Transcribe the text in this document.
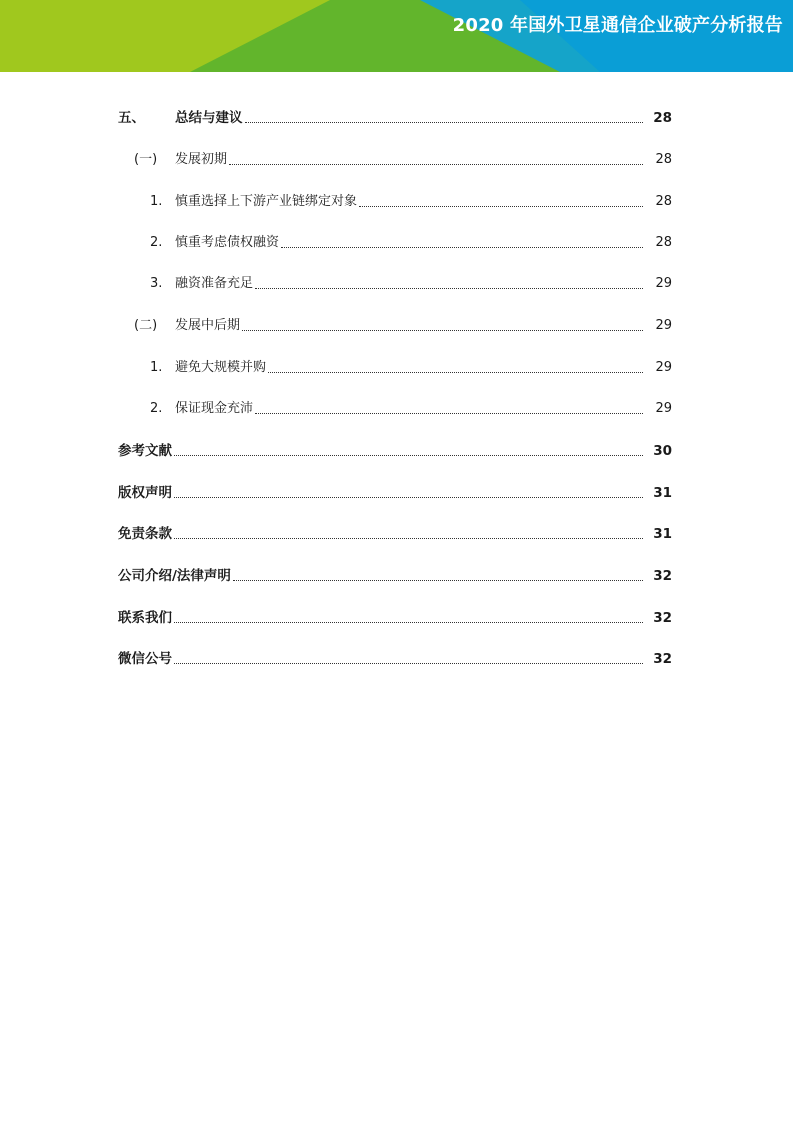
2020 年国外卫星通信企业破产分析报告
五、 总结与建议	28
(一) 发展初期	28
1. 慎重选择上下游产业链绑定对象	28
2. 慎重考虑债权融资	28
3. 融资准备充足	29
(二) 发展中后期	29
1. 避免大规模并购	29
2. 保证现金充沛	29
参考文献	30
版权声明	31
免责条款	31
公司介绍/法律声明	32
联系我们	32
微信公号	32
